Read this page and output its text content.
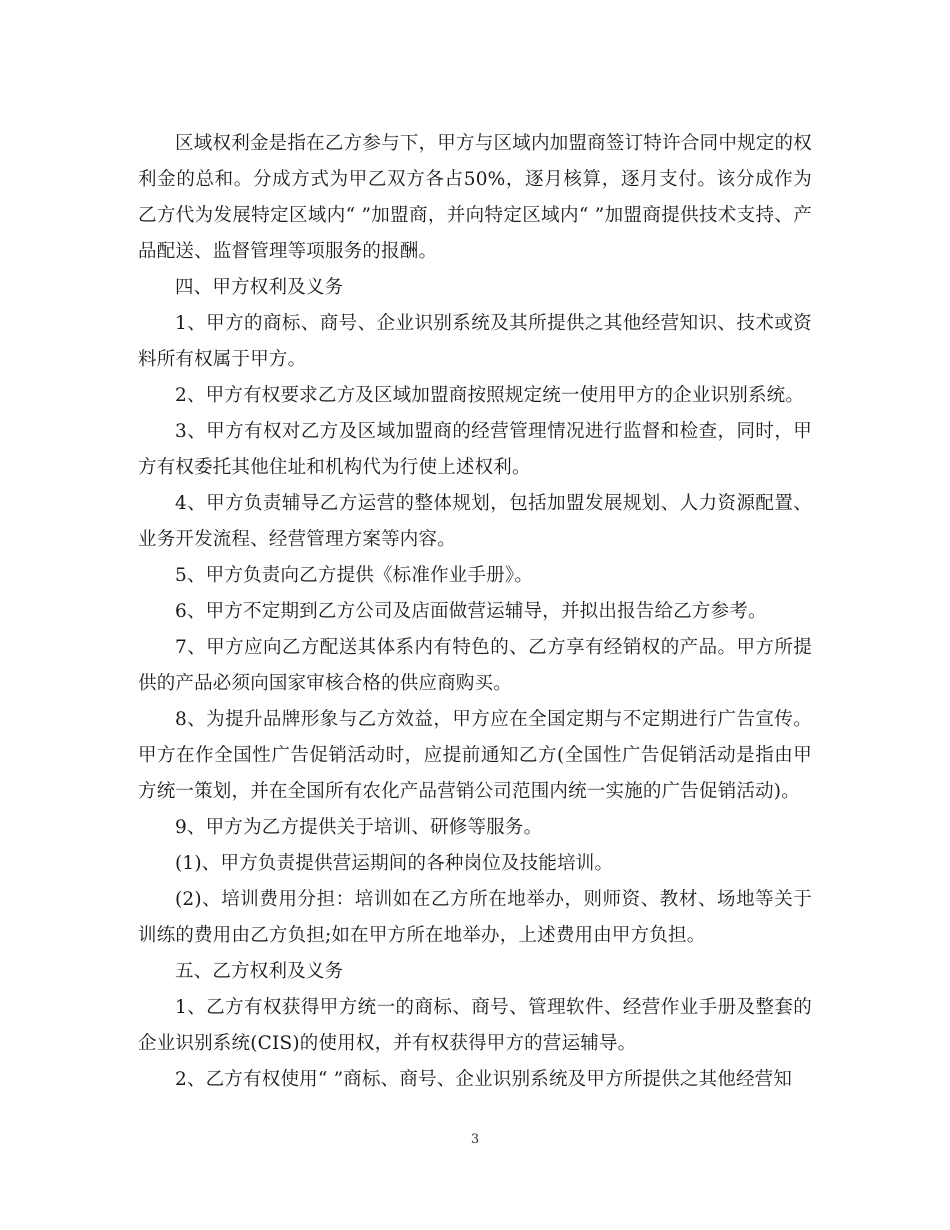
区域权利金是指在乙方参与下，甲方与区域内加盟商签订特许合同中规定的权利金的总和。分成方式为甲乙双方各占50%，逐月核算，逐月支付。该分成作为乙方代为发展特定区域内“ ”加盟商，并向特定区域内“ ”加盟商提供技术支持、产品配送、监督管理等项服务的报酬。

四、甲方权利及义务

1、甲方的商标、商号、企业识别系统及其所提供之其他经营知识、技术或资料所有权属于甲方。

2、甲方有权要求乙方及区域加盟商按照规定统一使用甲方的企业识别系统。

3、甲方有权对乙方及区域加盟商的经营管理情况进行监督和检查，同时，甲方有权委托其他住址和机构代为行使上述权利。

4、甲方负责辅导乙方运营的整体规划，包括加盟发展规划、人力资源配置、业务开发流程、经营管理方案等内容。

5、甲方负责向乙方提供《标准作业手册》。

6、甲方不定期到乙方公司及店面做营运辅导，并拟出报告给乙方参考。

7、甲方应向乙方配送其体系内有特色的、乙方享有经销权的产品。甲方所提供的产品必须向国家审核合格的供应商购买。

8、为提升品牌形象与乙方效益，甲方应在全国定期与不定期进行广告宣传。甲方在作全国性广告促销活动时，应提前通知乙方(全国性广告促销活动是指由甲方统一策划，并在全国所有农化产品营销公司范围内统一实施的广告促销活动)。

9、甲方为乙方提供关于培训、研修等服务。

(1)、甲方负责提供营运期间的各种岗位及技能培训。

(2)、培训费用分担：培训如在乙方所在地举办，则师资、教材、场地等关于训练的费用由乙方负担;如在甲方所在地举办，上述费用由甲方负担。

五、乙方权利及义务

1、乙方有权获得甲方统一的商标、商号、管理软件、经营作业手册及整套的企业识别系统(CIS)的使用权，并有权获得甲方的营运辅导。

2、乙方有权使用“ ”商标、商号、企业识别系统及甲方所提供之其他经营知

3
